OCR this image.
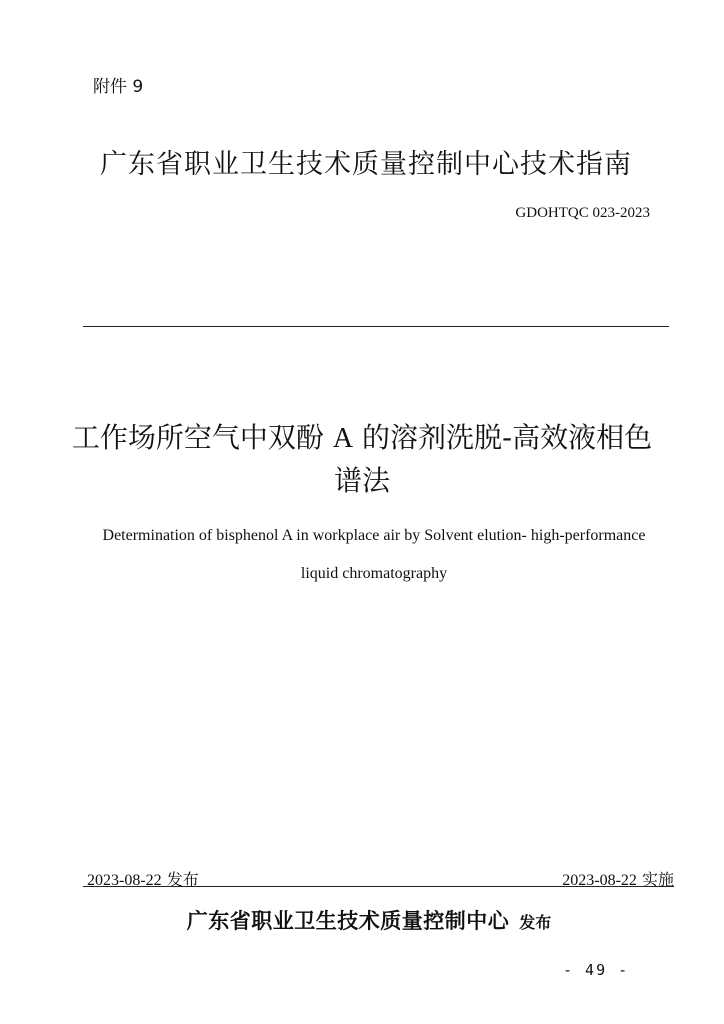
附件 9
广东省职业卫生技术质量控制中心技术指南
GDOHTQC 023-2023
工作场所空气中双酚 A 的溶剂洗脱-高效液相色谱法
Determination of bisphenol A in workplace air by Solvent elution- high-performance
liquid chromatography
2023-08-22 发布	2023-08-22 实施
广东省职业卫生技术质量控制中心 发布
- 49 -
